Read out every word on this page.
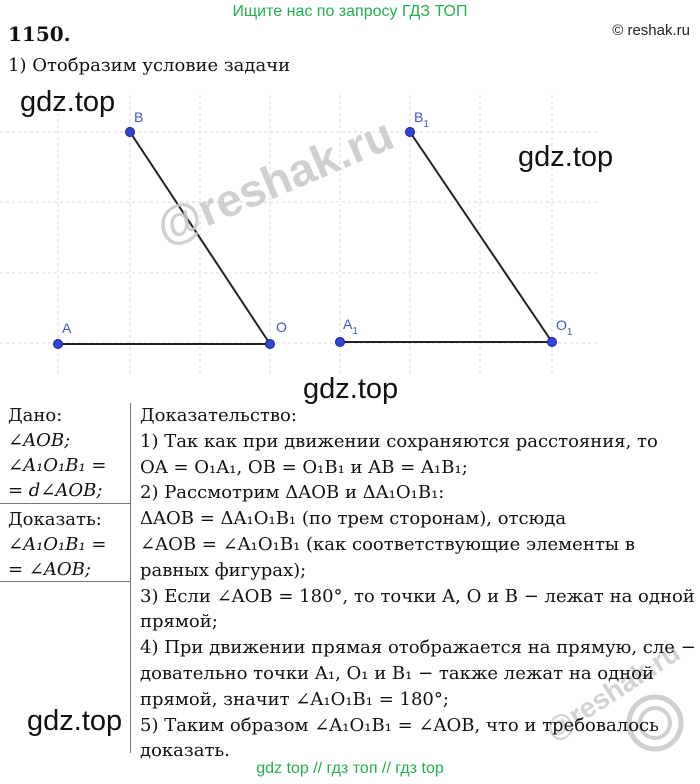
Ищите нас по запросу ГДЗ ТОП
© reshak.ru
1150.
1) Отобразим условие задачи
B
A	O
$B_1$
$A_1$	$O_1$
@reshak.ru
@reshak.ru
gdz.top
gdz.top
gdz.top
gdz.top
Дано:
∠AOB;
∠A₁O₁B₁ =
= d∠AOB;
Доказать:
∠A₁O₁B₁ =
= ∠AOB;
Доказательство:
1) Так как при движении сохраняются расстояния, то
OA = O₁A₁, OB = O₁B₁ и AB = A₁B₁;
2) Рассмотрим ΔAOB и ΔA₁O₁B₁:
ΔAOB = ΔA₁O₁B₁ (по трем сторонам), отсюда
∠AOB = ∠A₁O₁B₁ (как соответствующие элементы в
равных фигурах);
3) Если ∠AOB = 180°, то точки A, O и B − лежат на одной
прямой;
4) При движении прямая отображается на прямую, сле −
довательно точки A₁, O₁ и B₁ − также лежат на одной
прямой, значит ∠A₁O₁B₁ = 180°;
5) Таким образом ∠A₁O₁B₁ = ∠AOB, что и требовалось
доказать.
gdz top // гдз топ // гдз top
